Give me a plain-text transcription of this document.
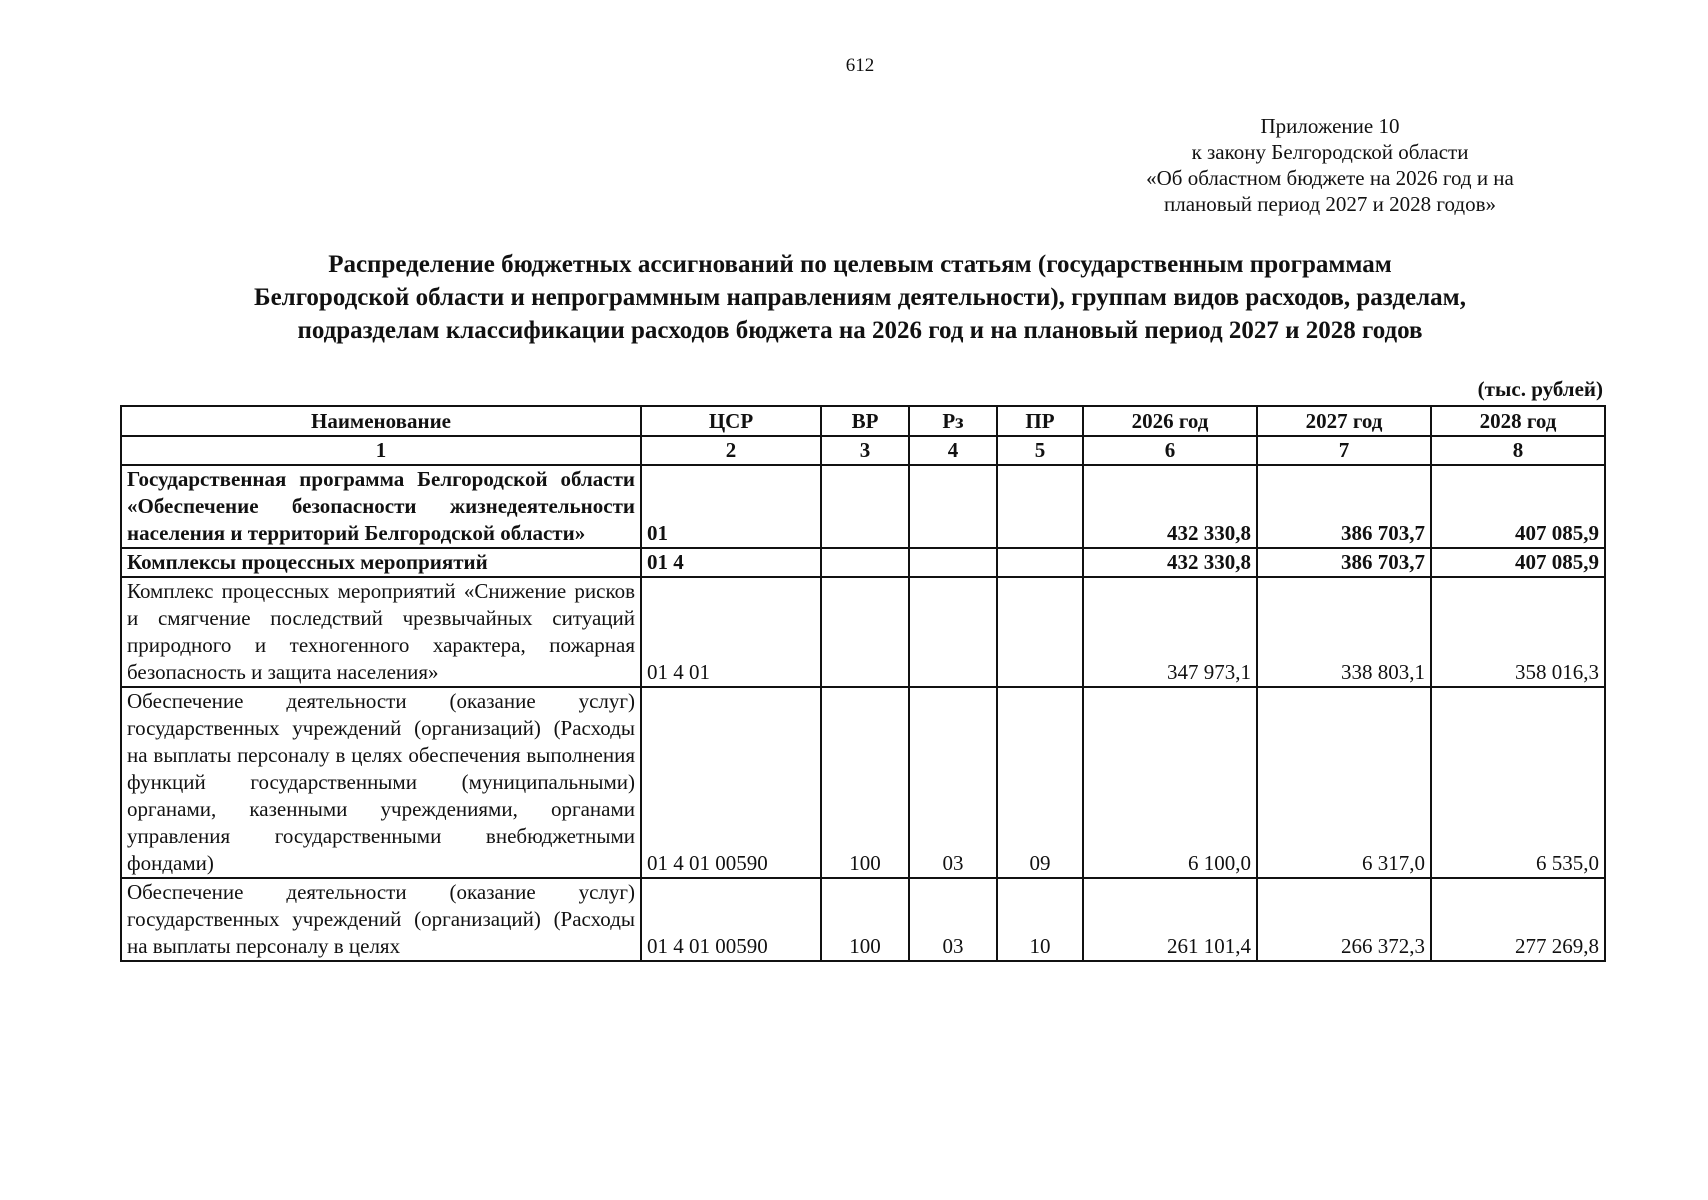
612
Приложение 10
к закону Белгородской области
«Об областном бюджете на 2026 год и на
плановый период 2027 и 2028 годов»
Распределение бюджетных ассигнований по целевым статьям (государственным программам
Белгородской области и непрограммным направлениям деятельности), группам видов расходов, разделам,
подразделам классификации расходов бюджета на 2026 год и на плановый период 2027 и 2028 годов
(тыс. рублей)
Наименование	ЦСР	ВР	Рз	ПР	2026 год	2027 год	2028 год
1	2	3	4	5	6	7	8
Государственная программа Белгородской области «Обеспечение безопасности жизнедеятельности населения и территорий Белгородской области»	01				432 330,8	386 703,7	407 085,9
Комплексы процессных мероприятий	01 4				432 330,8	386 703,7	407 085,9
Комплекс процессных мероприятий «Снижение рисков и смягчение последствий чрезвычайных ситуаций природного и техногенного характера, пожарная безопасность и защита населения»	01 4 01				347 973,1	338 803,1	358 016,3
Обеспечение деятельности (оказание услуг) государственных учреждений (организаций) (Расходы на выплаты персоналу в целях обеспечения выполнения функций государственными (муниципальными) органами, казенными учреждениями, органами управления государственными внебюджетными фондами)	01 4 01 00590	100	03	09	6 100,0	6 317,0	6 535,0
Обеспечение деятельности (оказание услуг) государственных учреждений (организаций) (Расходы на выплаты персоналу в целях	01 4 01 00590	100	03	10	261 101,4	266 372,3	277 269,8
